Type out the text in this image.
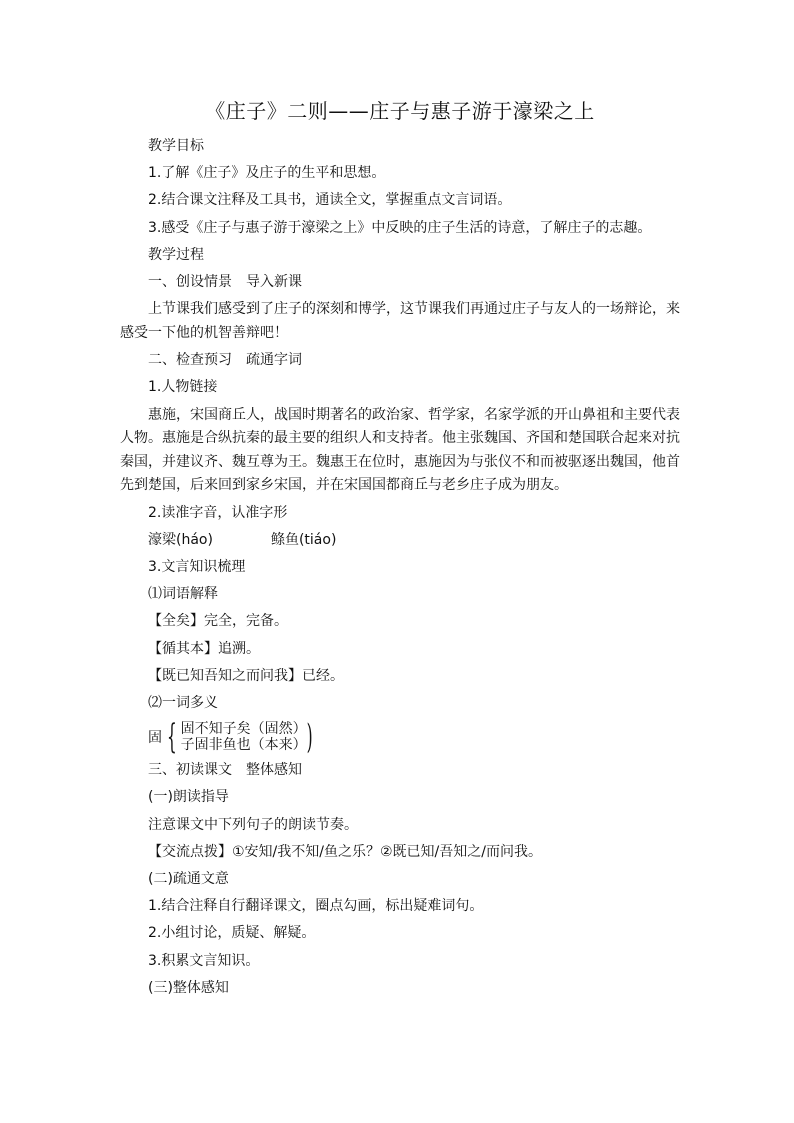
《庄子》二则——庄子与惠子游于濠梁之上

教学目标

1.了解《庄子》及庄子的生平和思想。

2.结合课文注释及工具书，通读全文，掌握重点文言词语。

3.感受《庄子与惠子游于濠梁之上》中反映的庄子生活的诗意，了解庄子的志趣。

教学过程

一、创设情景　导入新课

上节课我们感受到了庄子的深刻和博学，这节课我们再通过庄子与友人的一场辩论，来感受一下他的机智善辩吧！

二、检查预习　疏通字词

1.人物链接

惠施，宋国商丘人，战国时期著名的政治家、哲学家，名家学派的开山鼻祖和主要代表人物。惠施是合纵抗秦的最主要的组织人和支持者。他主张魏国、齐国和楚国联合起来对抗秦国，并建议齐、魏互尊为王。魏惠王在位时，惠施因为与张仪不和而被驱逐出魏国，他首先到楚国，后来回到家乡宋国，并在宋国国都商丘与老乡庄子成为朋友。

2.读准字音，认准字形

濠梁(háo)	鲦鱼(tiáo)

3.文言知识梳理

⑴词语解释

【全矣】完全，完备。

【循其本】追溯。

【既已知吾知之而问我】已经。

⑵一词多义

固 { 固不知子矣（固然）
子固非鱼也（本来） )

三、初读课文　整体感知

(一)朗读指导

注意课文中下列句子的朗读节奏。

【交流点拨】①安知/我不知/鱼之乐？②既已知/吾知之/而问我。

(二)疏通文意

1.结合注释自行翻译课文，圈点勾画，标出疑难词句。

2.小组讨论，质疑、解疑。

3.积累文言知识。

(三)整体感知
